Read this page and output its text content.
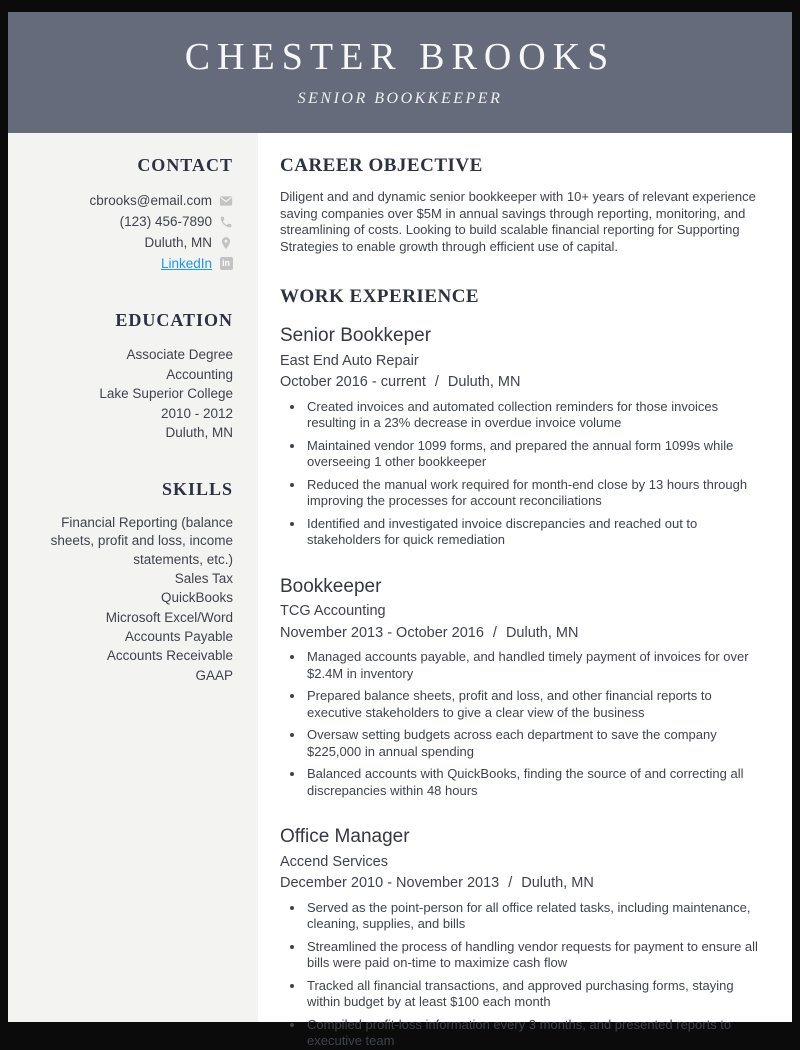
CHESTER BROOKS
SENIOR BOOKKEEPER
CONTACT
cbrooks@email.com
(123) 456-7890
Duluth, MN
LinkedIn in
EDUCATION
Associate Degree
Accounting
Lake Superior College
2010 - 2012
Duluth, MN
SKILLS
Financial Reporting (balance sheets, profit and loss, income statements, etc.)
Sales Tax
QuickBooks
Microsoft Excel/Word
Accounts Payable
Accounts Receivable
GAAP
CAREER OBJECTIVE

Diligent and and dynamic senior bookkeeper with 10+ years of relevant experience saving companies over $5M in annual savings through reporting, monitoring, and streamlining of costs. Looking to build scalable financial reporting for Supporting Strategies to enable growth through efficient use of capital.

WORK EXPERIENCE
Senior Bookkeper

East End Auto Repair

October 2016 - current / Duluth, MN

• Created invoices and automated collection reminders for those invoices resulting in a 23% decrease in overdue invoice volume
• Maintained vendor 1099 forms, and prepared the annual form 1099s while overseeing 1 other bookkeeper
• Reduced the manual work required for month-end close by 13 hours through improving the processes for account reconciliations
• Identified and investigated invoice discrepancies and reached out to stakeholders for quick remediation
Bookkeeper

TCG Accounting

November 2013 - October 2016 / Duluth, MN

• Managed accounts payable, and handled timely payment of invoices for over $2.4M in inventory
• Prepared balance sheets, profit and loss, and other financial reports to executive stakeholders to give a clear view of the business
• Oversaw setting budgets across each department to save the company $225,000 in annual spending
• Balanced accounts with QuickBooks, finding the source of and correcting all discrepancies within 48 hours
Office Manager

Accend Services

December 2010 - November 2013 / Duluth, MN

• Served as the point-person for all office related tasks, including maintenance, cleaning, supplies, and bills
• Streamlined the process of handling vendor requests for payment to ensure all bills were paid on-time to maximize cash flow
• Tracked all financial transactions, and approved purchasing forms, staying within budget by at least $100 each month
• Compiled profit-loss information every 3 months, and presented reports to executive team
